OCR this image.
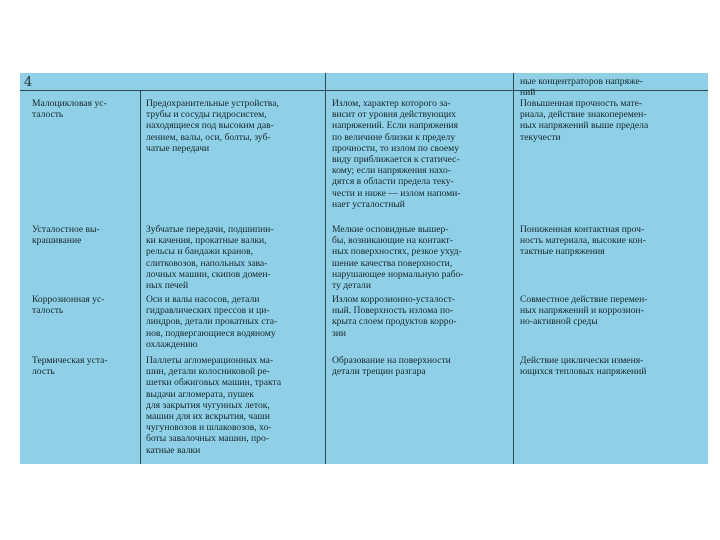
4	ные концентраторов напряже-
ний
Малоцикловая ус-
талость
Предохранительные устройства,
трубы и сосуды гидросистем,
находящиеся под высоким дав-
лением, валы, оси, болты, зуб-
чатые передачи
Излом, характер которого за-
висит от уровня действующих
напряжений. Если напряжения
по величине близки к пределу
прочности, то излом по своему
виду приближается к статичес-
кому; если напряжения нахо-
дятся в области предела теку-
чести и ниже — излом напоми-
нает усталостный
Повышенная прочность мате-
риала, действие знакоперемен-
ных напряжений выше предела
текучести
Усталостное вы-
крашивание
Зубчатые передачи, подшипни-
ки качения, прокатные валки,
рельсы и бандажи кранов,
слитковозов, напольных зава-
лочных машин, скипов домен-
ных печей
Мелкие осповидные вышер-
бы, возникающие на контакт-
ных поверхностях, резкое ухуд-
шение качества поверхности,
нарушающее нормальную рабо-
ту детали
Пониженная контактная проч-
ность материала, высокие кон-
тактные напряжения
Коррозионная ус-
талость
Оси и валы насосов, детали
гидравлических прессов и ци-
линдров, детали прокатных ста-
нов, подвергающиеся водяному
охлаждению
Излом коррозионно-усталост-
ный. Поверхность излома по-
крыта слоем продуктов корро-
зии
Совместное действие перемен-
ных напряжений и коррозион-
но-активной среды
Термическая уста-
лость
Паллеты агломерационных ма-
шин, детали колосниковой ре-
шетки обжиговых машин, тракта
выдачи агломерата, пушек
для закрытия чугунных леток,
машин для их вскрытия, чаши
чугуновозов и шлаковозов, хо-
боты завалочных машин, про-
катные валки
Образование на поверхности
детали трещин разгара
Действие циклически изменя-
ющихся тепловых напряжений
